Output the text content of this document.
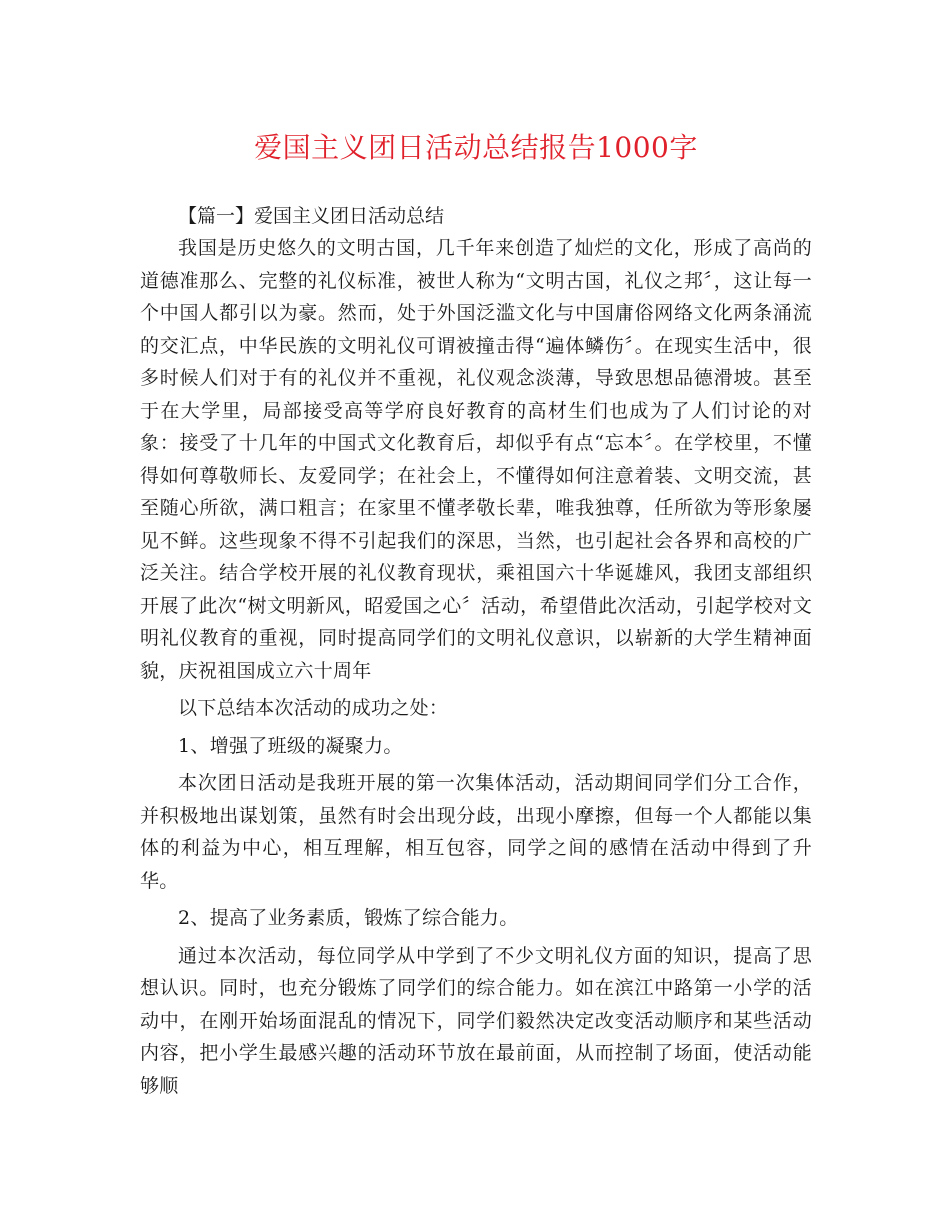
爱国主义团日活动总结报告1000字

【篇一】爱国主义团日活动总结

我国是历史悠久的文明古国，几千年来创造了灿烂的文化，形成了高尚的道德准那么、完整的礼仪标准，被世人称为“文明古国，礼仪之邦〞，这让每一个中国人都引以为豪。然而，处于外国泛滥文化与中国庸俗网络文化两条涌流的交汇点，中华民族的文明礼仪可谓被撞击得“遍体鳞伤〞。在现实生活中，很多时候人们对于有的礼仪并不重视，礼仪观念淡薄，导致思想品德滑坡。甚至于在大学里，局部接受高等学府良好教育的高材生们也成为了人们讨论的对象：接受了十几年的中国式文化教育后，却似乎有点“忘本〞。在学校里，不懂得如何尊敬师长、友爱同学；在社会上，不懂得如何注意着装、文明交流，甚至随心所欲，满口粗言；在家里不懂孝敬长辈，唯我独尊，任所欲为等形象屡见不鲜。这些现象不得不引起我们的深思，当然，也引起社会各界和高校的广泛关注。结合学校开展的礼仪教育现状，乘祖国六十华诞雄风，我团支部组织开展了此次“树文明新风，昭爱国之心〞活动，希望借此次活动，引起学校对文明礼仪教育的重视，同时提高同学们的文明礼仪意识，以崭新的大学生精神面貌，庆祝祖国成立六十周年

以下总结本次活动的成功之处：

1、增强了班级的凝聚力。

本次团日活动是我班开展的第一次集体活动，活动期间同学们分工合作，并积极地出谋划策，虽然有时会出现分歧，出现小摩擦，但每一个人都能以集体的利益为中心，相互理解，相互包容，同学之间的感情在活动中得到了升华。

2、提高了业务素质，锻炼了综合能力。

通过本次活动，每位同学从中学到了不少文明礼仪方面的知识，提高了思想认识。同时，也充分锻炼了同学们的综合能力。如在滨江中路第一小学的活动中，在刚开始场面混乱的情况下，同学们毅然决定改变活动顺序和某些活动内容，把小学生最感兴趣的活动环节放在最前面，从而控制了场面，使活动能够顺
